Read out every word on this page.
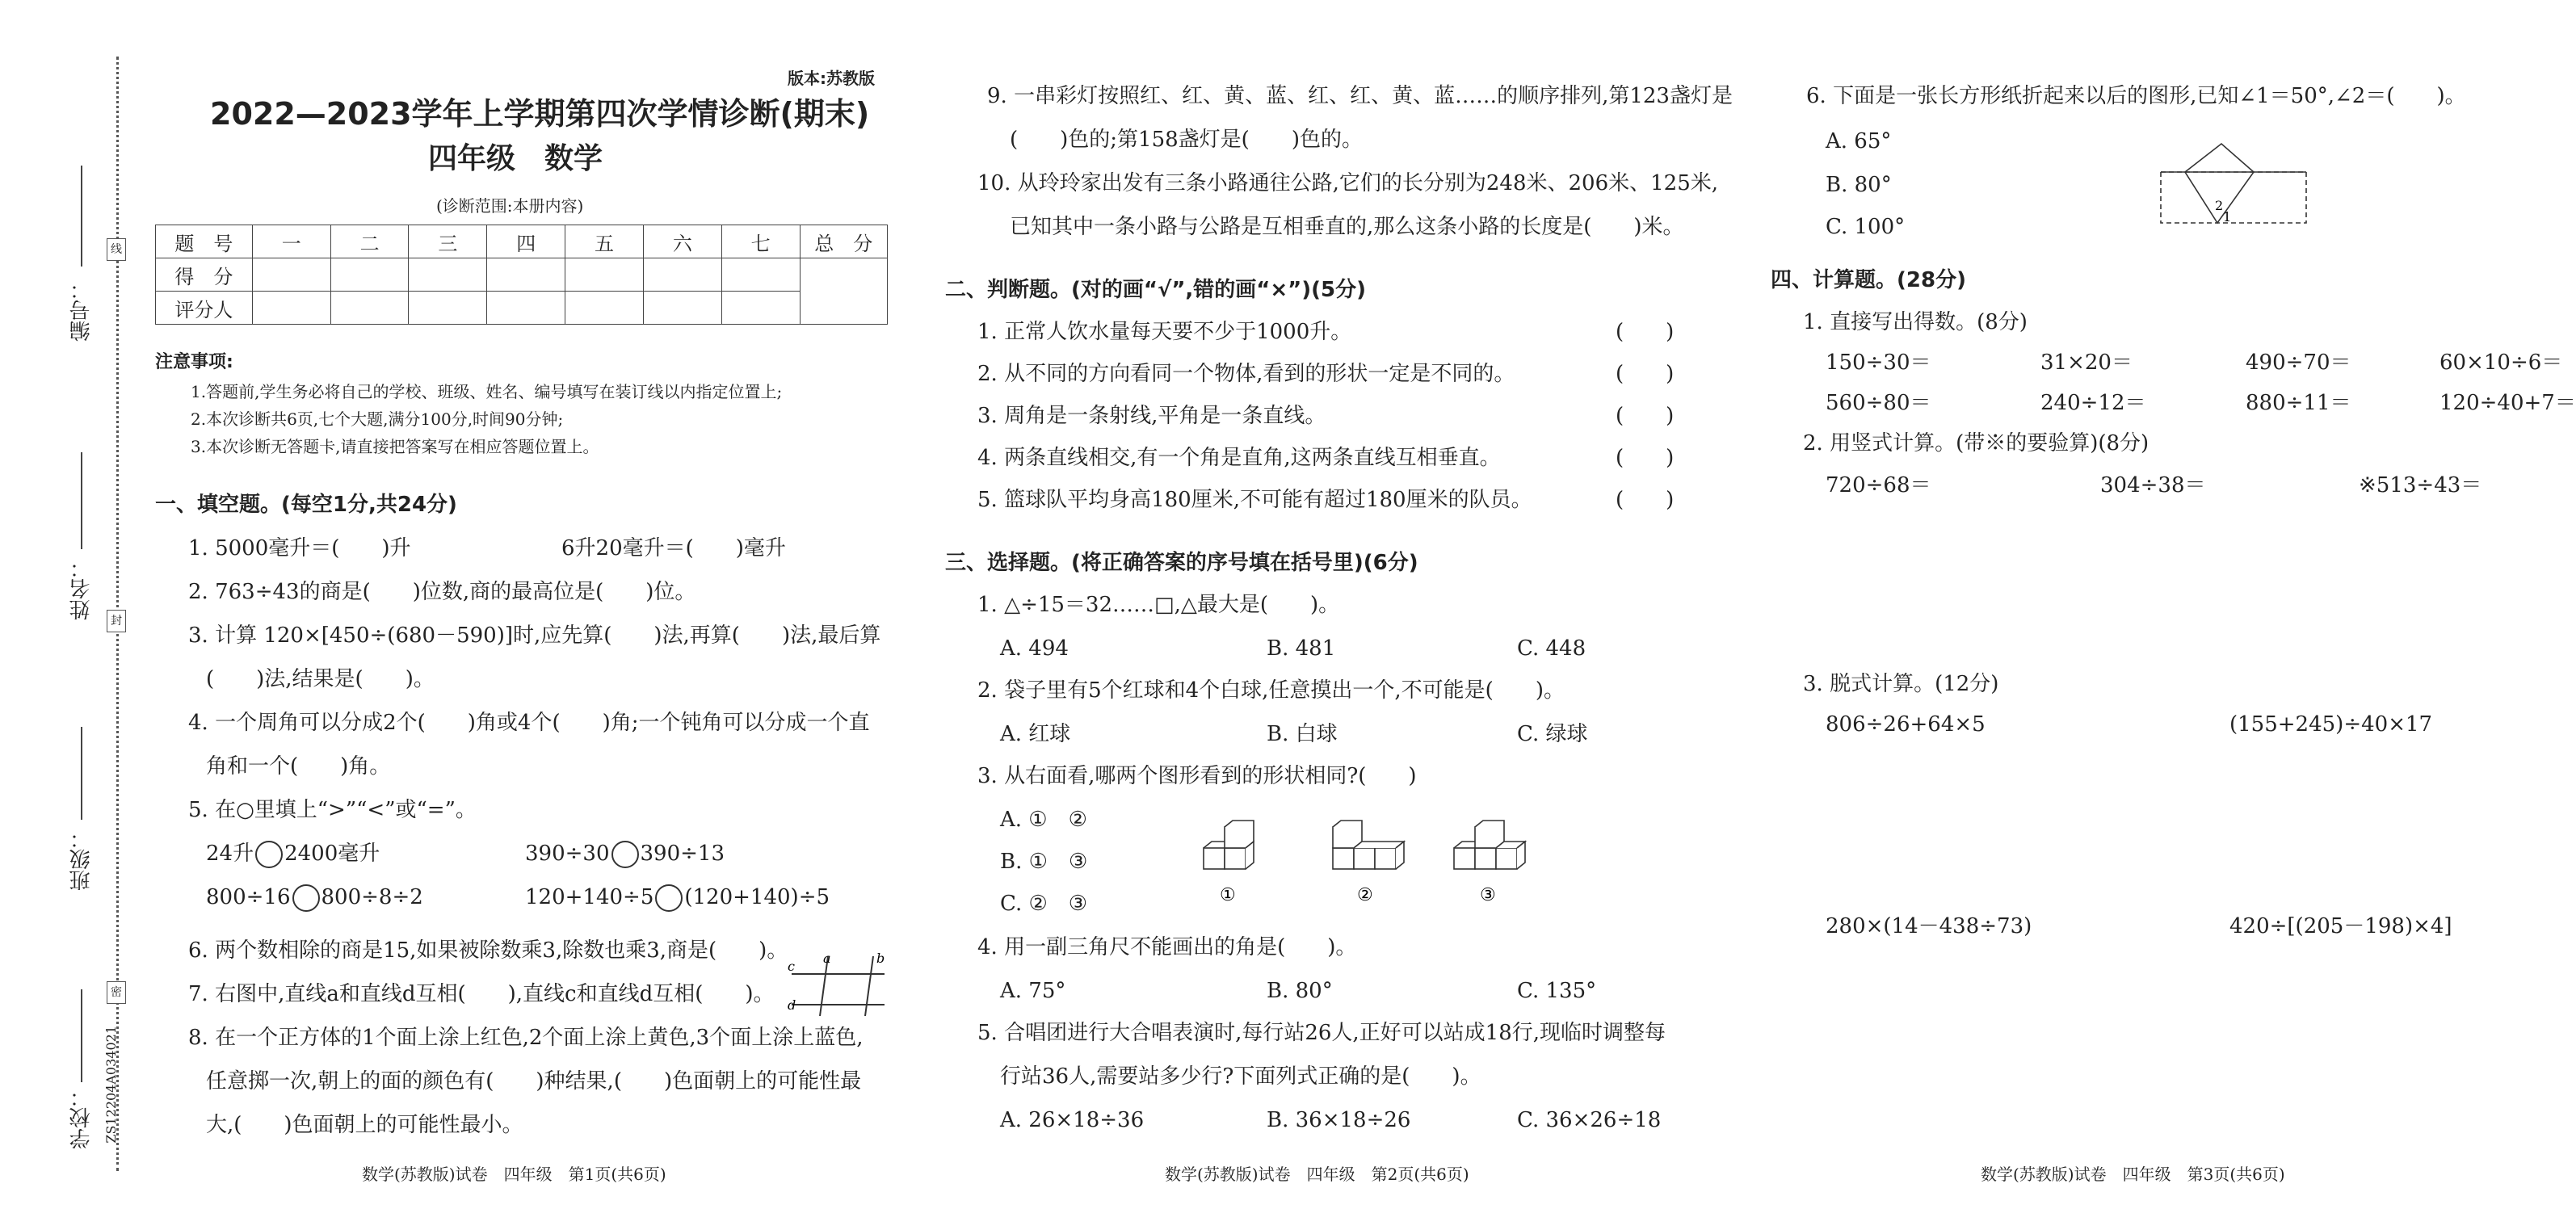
线
封
密
编号：
姓名：
班级：
学校： ZS12204A034021
版本:苏教版
2022—2023学年上学期第四次学情诊断(期末)
四年级　数学
(诊断范围:本册内容)
题　号	一	二	三	四	五	六	七	总　分
得　分								
评分人								
注意事项:
1.答题前,学生务必将自己的学校、班级、姓名、编号填写在装订线以内指定位置上;
2.本次诊断共6页,七个大题,满分100分,时间90分钟;
3.本次诊断无答题卡,请直接把答案写在相应答题位置上。
一、填空题。(每空1分,共24分)
1. 5000毫升＝(　　)升	6升20毫升＝(　　)毫升
2. 763÷43的商是(　　)位数,商的最高位是(　　)位。
3. 计算 120×[450÷(680－590)]时,应先算(　　)法,再算(　　)法,最后算
(　　)法,结果是(　　)。
4. 一个周角可以分成2个(　　)角或4个(　　)角;一个钝角可以分成一个直
角和一个(　　)角。
5. 在○里填上“>”“<”或“=”。
24升 2400毫升	390÷30 390÷13
800÷16 800÷8÷2	120+140÷5 (120+140)÷5
6. 两个数相除的商是15,如果被除数乘3,除数也乘3,商是(　　)。
7. 右图中,直线a和直线d互相(　　),直线c和直线d互相(　　)。
a	b
c
d
8. 在一个正方体的1个面上涂上红色,2个面上涂上黄色,3个面上涂上蓝色,
任意掷一次,朝上的面的颜色有(　　)种结果,(　　)色面朝上的可能性最
大,(　　)色面朝上的可能性最小。
数学(苏教版)试卷　四年级　第1页(共6页)
9. 一串彩灯按照红、红、黄、蓝、红、红、黄、蓝……的顺序排列,第123盏灯是
(　　)色的;第158盏灯是(　　)色的。
10. 从玲玲家出发有三条小路通往公路,它们的长分别为248米、206米、125米,
已知其中一条小路与公路是互相垂直的,那么这条小路的长度是(　　)米。
二、判断题。(对的画“√”,错的画“×”)(5分)
1. 正常人饮水量每天要不少于1000升。	(　　)
2. 从不同的方向看同一个物体,看到的形状一定是不同的。	(　　)
3. 周角是一条射线,平角是一条直线。	(　　)
4. 两条直线相交,有一个角是直角,这两条直线互相垂直。	(　　)
5. 篮球队平均身高180厘米,不可能有超过180厘米的队员。	(　　)
三、选择题。(将正确答案的序号填在括号里)(6分)
1. △÷15＝32……□,△最大是(　　)。
A. 494	B. 481	C. 448
2. 袋子里有5个红球和4个白球,任意摸出一个,不可能是(　　)。
A. 红球	B. 白球	C. 绿球
3. 从右面看,哪两个图形看到的形状相同?(　　)
A. ①　②
B. ①　③
C. ②　③	①	②	③
4. 用一副三角尺不能画出的角是(　　)。
A. 75°	B. 80°	C. 135°
5. 合唱团进行大合唱表演时,每行站26人,正好可以站成18行,现临时调整每
行站36人,需要站多少行?下面列式正确的是(　　)。
A. 26×18÷36	B. 36×18÷26	C. 36×26÷18
数学(苏教版)试卷　四年级　第2页(共6页)
6. 下面是一张长方形纸折起来以后的图形,已知∠1＝50°,∠2＝(　　)。
A. 65°
B. 80°
C. 100°
2
1
四、计算题。(28分)
1. 直接写出得数。(8分)
150÷30＝	31×20＝	490÷70＝	60×10÷6＝
560÷80＝	240÷12＝	880÷11＝	120÷40+7＝
2. 用竖式计算。(带※的要验算)(8分)
720÷68＝	304÷38＝	※513÷43＝
3. 脱式计算。(12分)
806÷26+64×5	(155+245)÷40×17
280×(14－438÷73)	420÷[(205－198)×4]
数学(苏教版)试卷　四年级　第3页(共6页)
